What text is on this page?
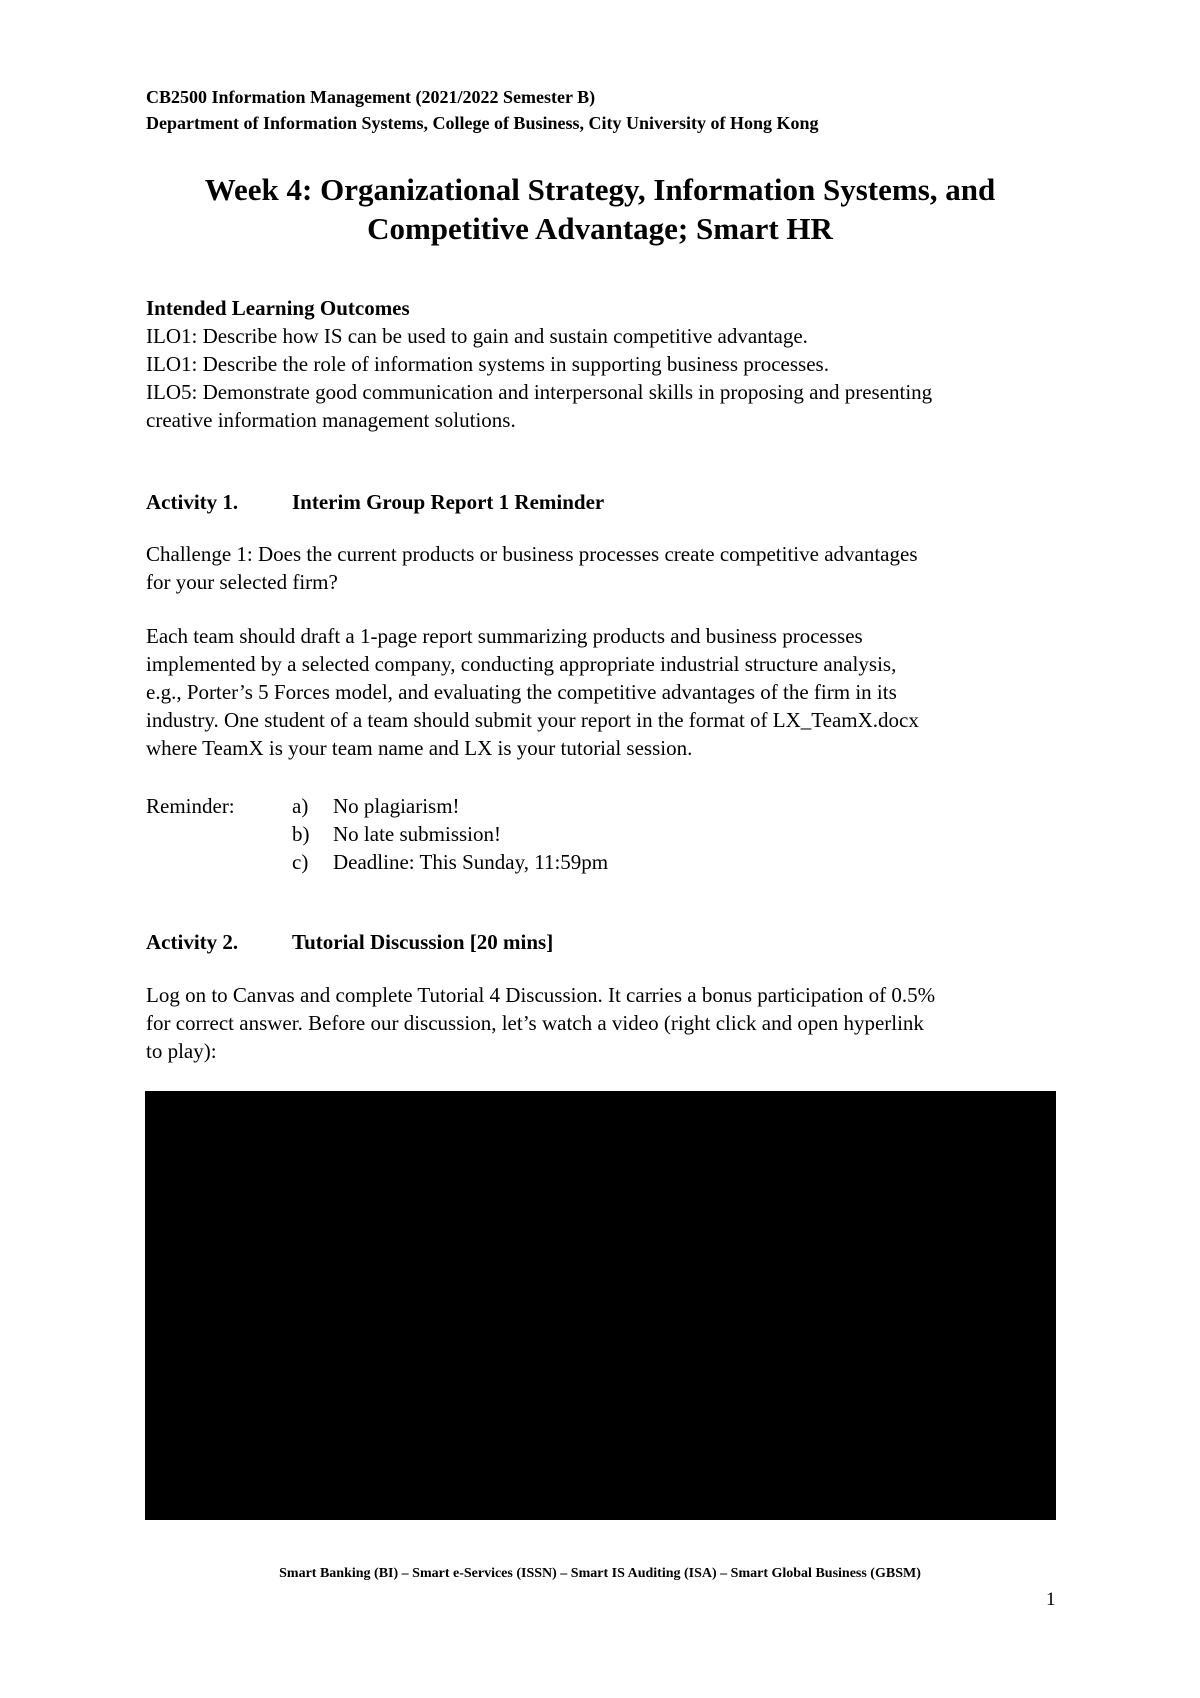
CB2500 Information Management (2021/2022 Semester B)
Department of Information Systems, College of Business, City University of Hong Kong
Week 4: Organizational Strategy, Information Systems, and
Competitive Advantage; Smart HR
Intended Learning Outcomes
ILO1: Describe how IS can be used to gain and sustain competitive advantage.
ILO1: Describe the role of information systems in supporting business processes.
ILO5: Demonstrate good communication and interpersonal skills in proposing and presenting
creative information management solutions.
Activity 1.	Interim Group Report 1 Reminder
Challenge 1: Does the current products or business processes create competitive advantages
for your selected firm?
Each team should draft a 1-page report summarizing products and business processes
implemented by a selected company, conducting appropriate industrial structure analysis,
e.g., Porter’s 5 Forces model, and evaluating the competitive advantages of the firm in its
industry. One student of a team should submit your report in the format of LX_TeamX.docx
where TeamX is your team name and LX is your tutorial session.
Reminder:	a) No plagiarism!
b) No late submission!
c) Deadline: This Sunday, 11:59pm
Activity 2.	Tutorial Discussion [20 mins]
Log on to Canvas and complete Tutorial 4 Discussion. It carries a bonus participation of 0.5%
for correct answer. Before our discussion, let’s watch a video (right click and open hyperlink
to play):
Smart Banking (BI) – Smart e-Services (ISSN) – Smart IS Auditing (ISA) – Smart Global Business (GBSM)
1
